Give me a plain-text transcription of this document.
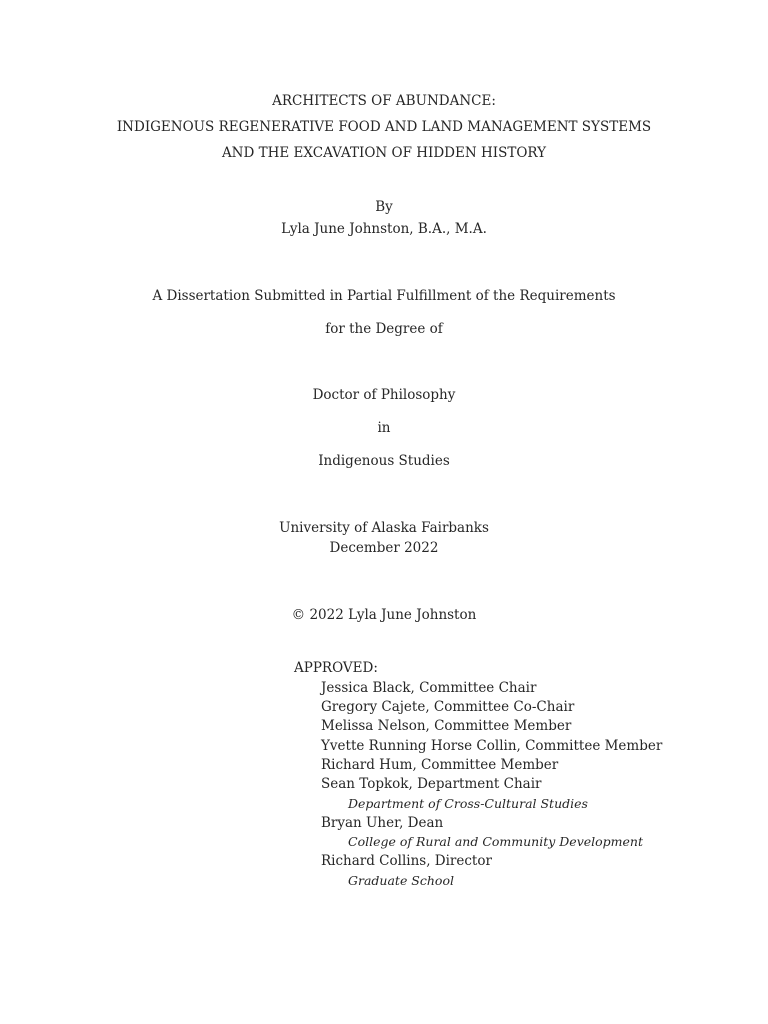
ARCHITECTS OF ABUNDANCE:
INDIGENOUS REGENERATIVE FOOD AND LAND MANAGEMENT SYSTEMS
AND THE EXCAVATION OF HIDDEN HISTORY
By
Lyla June Johnston, B.A., M.A.
A Dissertation Submitted in Partial Fulfillment of the Requirements
for the Degree of
Doctor of Philosophy
in
Indigenous Studies
University of Alaska Fairbanks
December 2022
© 2022 Lyla June Johnston
APPROVED:
Jessica Black, Committee Chair
Gregory Cajete, Committee Co-Chair
Melissa Nelson, Committee Member
Yvette Running Horse Collin, Committee Member
Richard Hum, Committee Member
Sean Topkok, Department Chair
Department of Cross-Cultural Studies
Bryan Uher, Dean
College of Rural and Community Development
Richard Collins, Director
Graduate School
